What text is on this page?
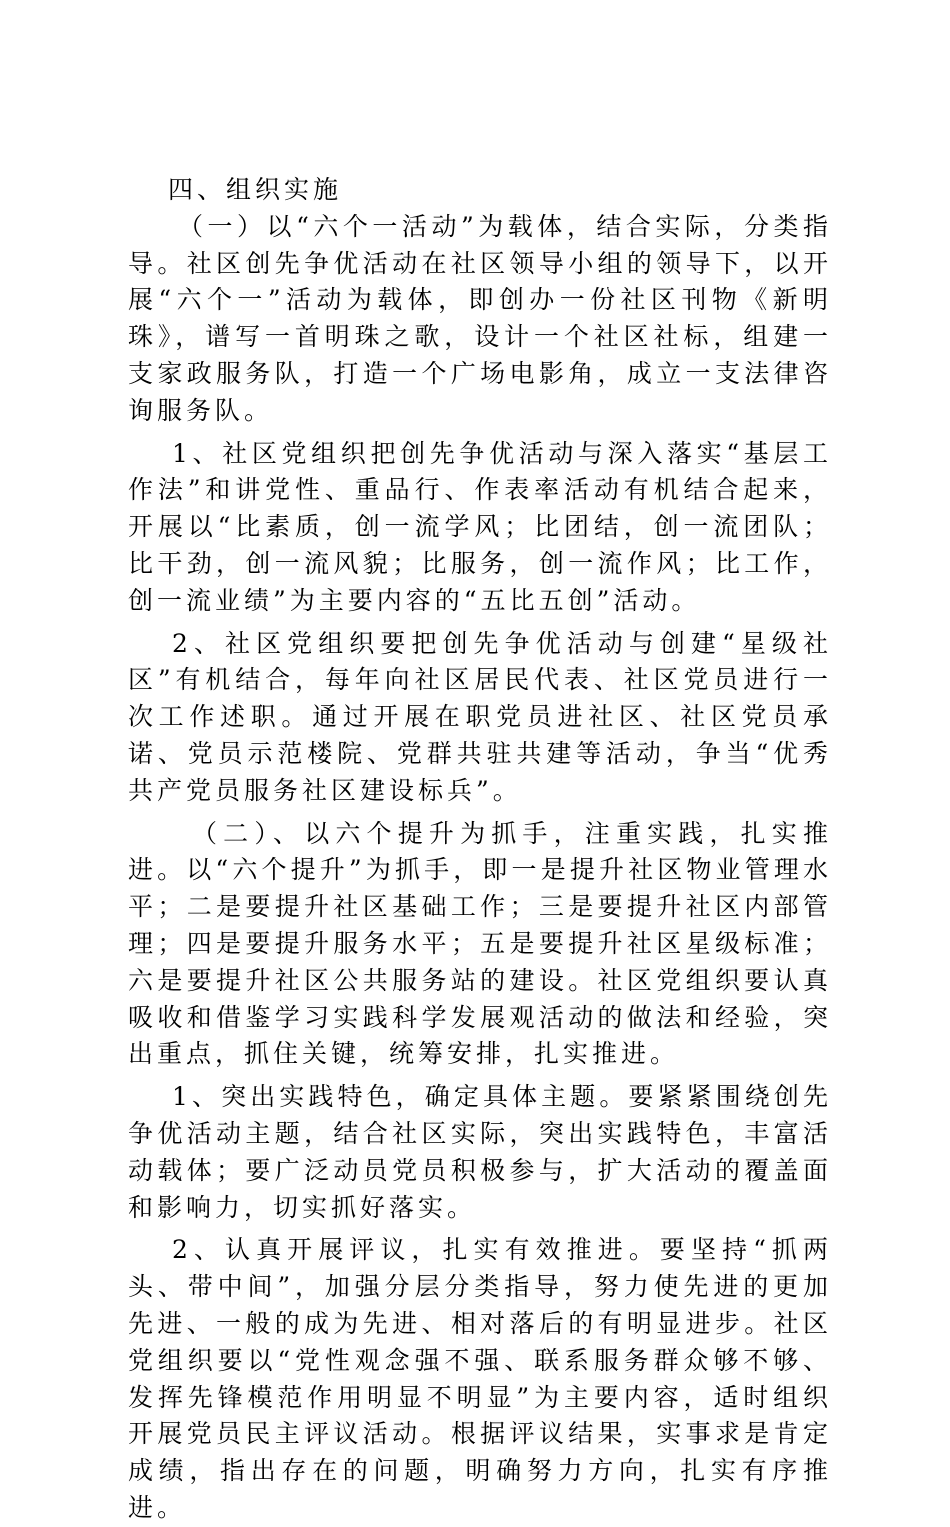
四、组织实施

（一）以“六个一活动”为载体，结合实际，分类指导。社区创先争优活动在社区领导小组的领导下，以开展“六个一”活动为载体，即创办一份社区刊物《新明珠》，谱写一首明珠之歌，设计一个社区社标，组建一支家政服务队，打造一个广场电影角，成立一支法律咨询服务队。

1、社区党组织把创先争优活动与深入落实“基层工作法”和讲党性、重品行、作表率活动有机结合起来，开展以“比素质，创一流学风；比团结，创一流团队；比干劲，创一流风貌；比服务，创一流作风；比工作，创一流业绩”为主要内容的“五比五创”活动。

2、社区党组织要把创先争优活动与创建“星级社区”有机结合，每年向社区居民代表、社区党员进行一次工作述职。通过开展在职党员进社区、社区党员承诺、党员示范楼院、党群共驻共建等活动，争当“优秀共产党员服务社区建设标兵”。

（二）、以六个提升为抓手，注重实践，扎实推进。以“六个提升”为抓手，即一是提升社区物业管理水平；二是要提升社区基础工作；三是要提升社区内部管理；四是要提升服务水平；五是要提升社区星级标准；六是要提升社区公共服务站的建设。社区党组织要认真吸收和借鉴学习实践科学发展观活动的做法和经验，突出重点，抓住关键，统筹安排，扎实推进。

1、突出实践特色，确定具体主题。要紧紧围绕创先争优活动主题，结合社区实际，突出实践特色，丰富活动载体；要广泛动员党员积极参与，扩大活动的覆盖面和影响力，切实抓好落实。

2、认真开展评议，扎实有效推进。要坚持“抓两头、带中间”，加强分层分类指导，努力使先进的更加先进、一般的成为先进、相对落后的有明显进步。社区党组织要以“党性观念强不强、联系服务群众够不够、发挥先锋模范作用明显不明显”为主要内容，适时组织开展党员民主评议活动。根据评议结果，实事求是肯定成绩，指出存在的问题，明确努力方向，扎实有序推进。
